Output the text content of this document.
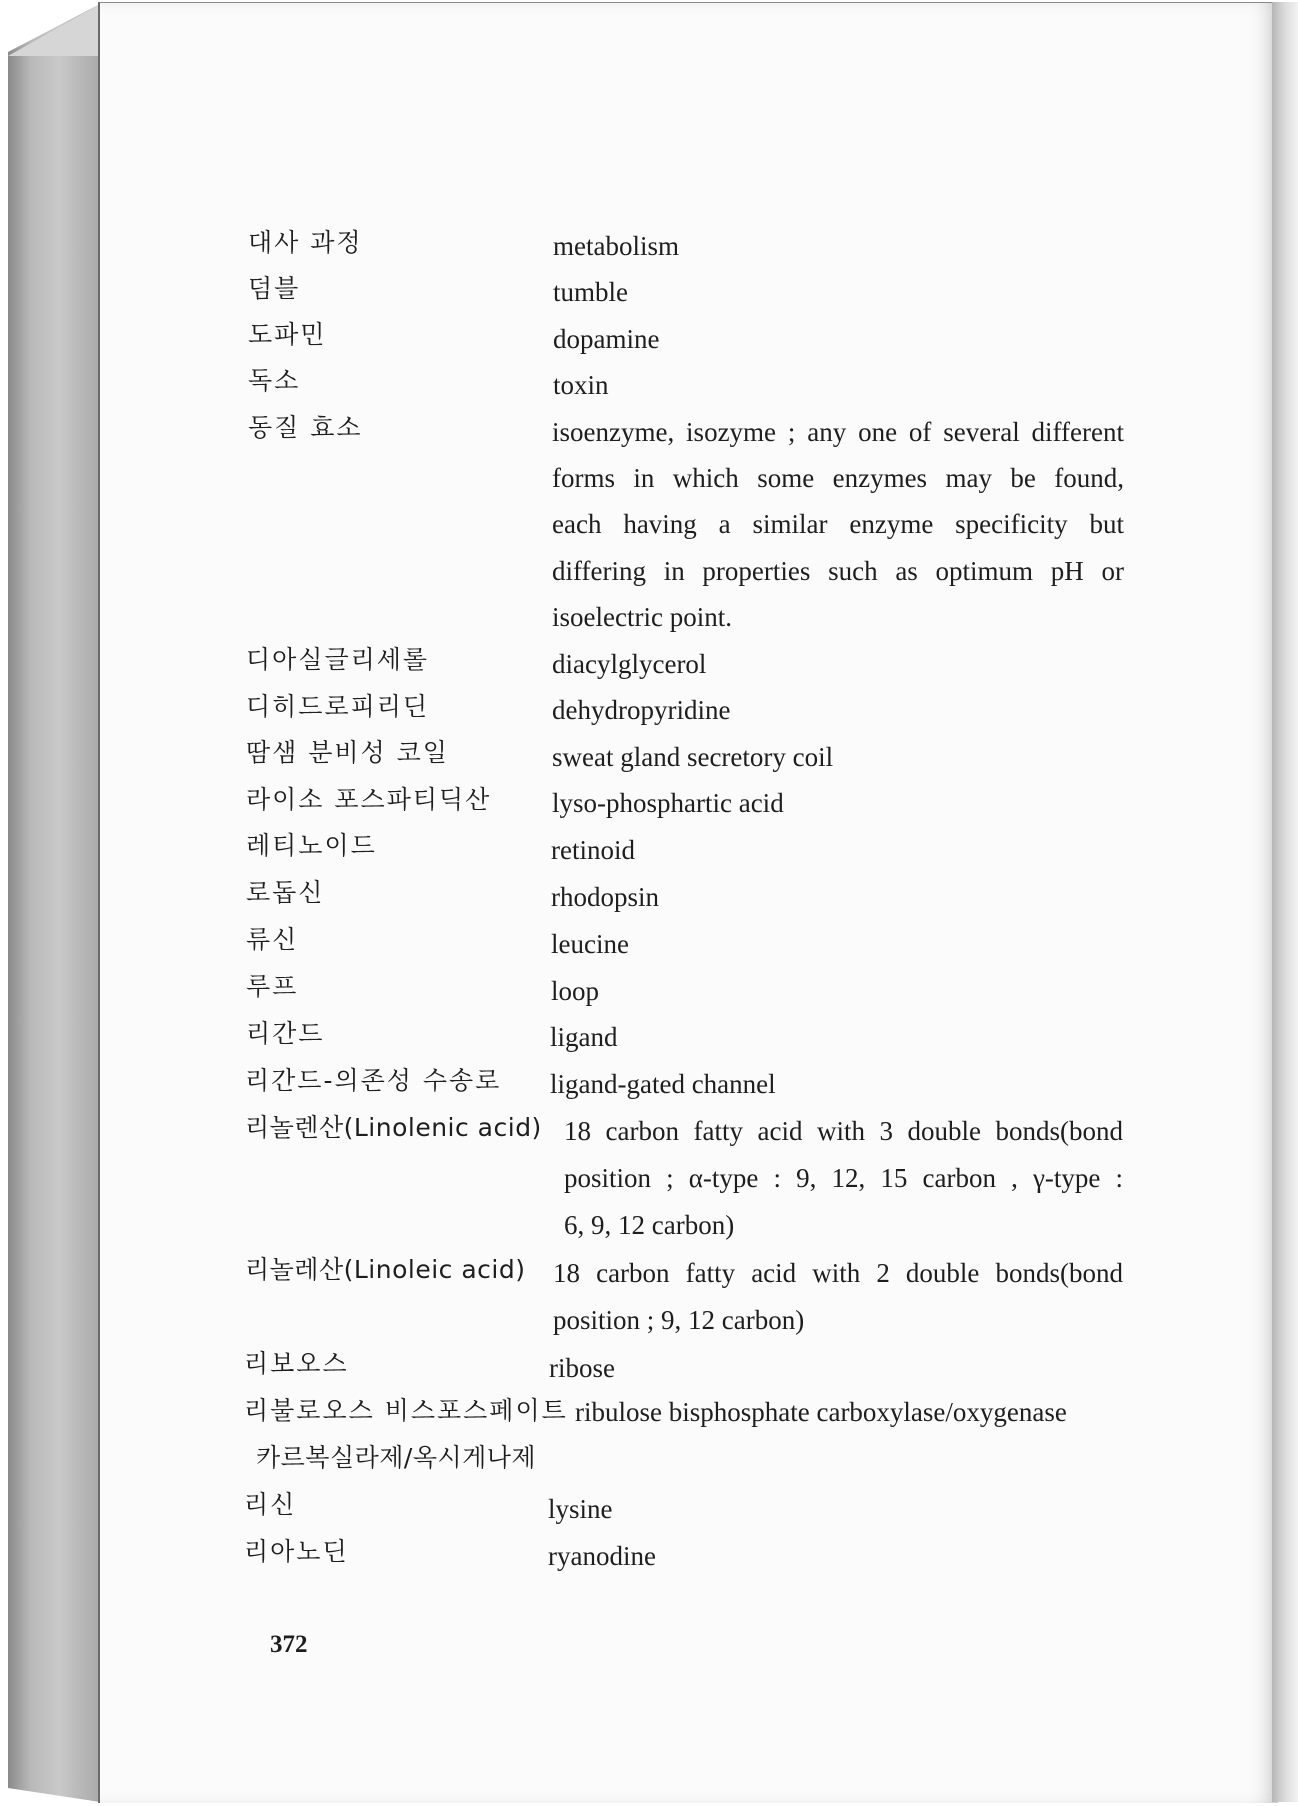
대사 과정	metabolism
덤블	tumble
도파민	dopamine
독소	toxin
동질 효소	isoenzyme, isozyme ; any one of several different
forms in which some enzymes may be found,
each having a similar enzyme specificity but
differing in properties such as optimum pH or
isoelectric point.
디아실글리세롤	diacylglycerol
디히드로피리딘	dehydropyridine
땀샘 분비성 코일	sweat gland secretory coil
라이소 포스파티딕산 lyso-phosphartic acid
레티노이드	retinoid
로돕신	rhodopsin
류신	leucine
루프	loop
리간드	ligand
리간드-의존성 수송로 ligand-gated channel
리놀렌산(Linolenic acid) 18 carbon fatty acid with 3 double bonds(bond
position ; α-type : 9, 12, 15 carbon , γ-type :
6, 9, 12 carbon)
리놀레산(Linoleic acid) 18 carbon fatty acid with 2 double bonds(bond
position ; 9, 12 carbon)
리보오스	ribose
리불로오스 비스포스페이트 ribulose bisphosphate carboxylase/oxygenase
카르복실라제/옥시게나제
리신	lysine
리아노딘	ryanodine
372
